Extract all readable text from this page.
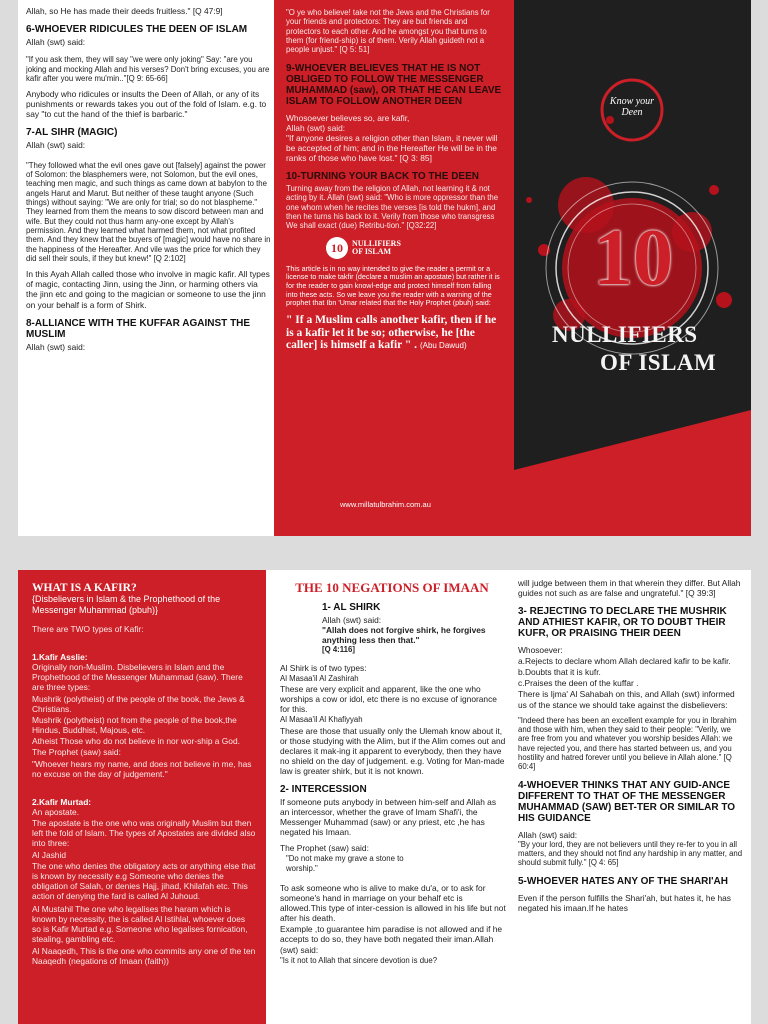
Allah, so He has made their deeds fruitless." [Q 47:9]
6-WHOEVER RIDICULES THE DEEN OF ISLAM
Allah (swt) said:
"If you ask them, they will say "we were only joking" Say: "are you joking and mocking Allah and his verses? Don't bring excuses, you are kafir after you were mu'min.."[Q 9: 65-66]
Anybody who ridicules or insults the Deen of Allah, or any of its punishments or rewards takes you out of the fold of Islam. e.g. to say "to cut the hand of the thief is barbaric."
7-AL SIHR (MAGIC)
Allah (swt) said:
"They followed what the evil ones gave out [falsely] against the power of Solomon: the blasphemers were, not Solomon, but the evil ones, teaching men magic, and such things as came down at babylon to the angels Harut and Marut. But neither of these taught anyone (Such things) without saying: "We are only for trial; so do not blaspheme." They learned from them the means to sow discord between man and wife. But they could not thus harm any-one except by Allah's permission. And they learned what harmed them, not what profited them. And they knew that the buyers of [magic] would have no share in the happiness of the Hereafter. And vile was the price for which they did sell their souls, if they but knew!" [Q 2:102]
In this Ayah Allah called those who involve in magic kafir. All types of magic, contacting Jinn, using the Jinn, or harming others via the jinn etc and going to the magician or someone to use the jinn on your behalf is a form of Shirk.
8-ALLIANCE WITH THE KUFFAR AGAINST THE MUSLIM
Allah (swt) said:
"O ye who believe! take not the Jews and the Christians for your friends and protectors: They are but friends and protectors to each other. And he amongst you that turns to them (for friend-ship) is of them. Verily Allah guideth not a people unjust." [Q 5: 51]
9-WHOEVER BELIEVES THAT HE IS NOT OBLIGED TO FOLLOW THE MESSENGER MUHAMMAD (saw), OR THAT HE CAN LEAVE ISLAM TO FOLLOW ANOTHER DEEN
Whosoever believes so, are kafir,
Allah (swt) said:
"If anyone desires a religion other than Islam, it never will be accepted of him; and in the Hereafter He will be in the ranks of those who have lost." [Q 3: 85]
10-TURNING YOUR BACK TO THE DEEN
Turning away from the religion of Allah, not learning it & not acting by it. Allah (swt) said: "Who is more oppressor than the one whom when he recites the verses [is told the hukm], and then he turns his back to it. Verily from those who transgress We shall exact (due) Retribu-tion." [Q32:22]
10	NULLIFIERS OF ISLAM
This article is in no way intended to give the reader a permit or a license to make takfir (declare a muslim an apostate) but rather it is for the reader to gain knowl-edge and protect himself from falling into these acts. So we leave you the reader with a warning of the prophet that Ibn 'Umar related that the Holy Prophet (pbuh) said:
" If a Muslim calls another kafir, then if he is a kafir let it be so; otherwise, he [the caller] is himself a kafir " . (Abu Dawud)
www.millatulbrahim.com.au
Know your Deen
10
NULLIFIERS
OF ISLAM
WHAT IS A KAFIR?
{Disbelievers in Islam & the Prophethood of the Messenger Muhammad (pbuh)}
There are TWO types of Kafir:

1.Kafir Asslie:
Originally non-Muslim. Disbelievers in Islam and the Prophethood of the Messenger Muhammad (saw). There are three types:

Mushrik (polytheist) of the people of the book, the Jews & Christians.
Mushrik (polytheist) not from the people of the book,the Hindus, Buddhist, Majous, etc.
Atheist Those who do not believe in nor wor-ship a God.
The Prophet (saw) said:
"Whoever hears my name, and does not believe in me, has no excuse on the day of judgement."

2.Kafir Murtad:
An apostate.

The apostate is the one who was originally Muslim but then left the fold of Islam. The types of Apostates are divided also into three:
Al Jashid
The one who denies the obligatory acts or anything else that is known by necessity e.g Someone who denies the obligation of Salah, or denies Hajj, jihad, Khilafah etc. This action of denying the fard is called Al Juhoud.
Al Mustahil The one who legalises the haram which is known by necessity, the is called Al Istihlal, whoever does so is Kafir Murtad e.g. Someone who legalises fornication, stealing, gambling etc.
Al Naaqedh, This is the one who commits any one of the ten Naaqedh (negations of Imaan (faith))
THE 10 NEGATIONS OF IMAAN
1- AL SHIRK
Allah (swt) said:
"Allah does not forgive shirk, he forgives anything less then that."
[Q 4:116]
Al Shirk is of two types:
Al Masaa'il Al Zashirah
These are very explicit and apparent, like the one who worships a cow or idol, etc there is no excuse of ignorance for this.
Al Masaa'il Al Khafiyyah
These are those that usually only the Ulemah know about it, or those studying with the Alim, but if the Alim comes out and declares it mak-ing it apparent to everybody, then they have no shield on the day of judgement. e.g. Voting for Man-made law is greater shirk, but it is not known.
2- INTERCESSION
If someone puts anybody in between him-self and Allah as an intercessor, whether the grave of Imam Shafi'i, the Messenger Muhammad (saw) or any priest, etc ,he has negated his Imaan.
The Prophet (saw) said:
"Do not make my grave a stone to worship."
To ask someone who is alive to make du'a, or to ask for someone's hand in marriage on your behalf etc is allowed.This type of inter-cession is allowed in his life but not after his death.
Example ,to guarantee him paradise is not allowed and if he accepts to do so, they have both negated their iman.Allah (swt) said:
"Is it not to Allah that sincere devotion is due?
will judge between them in that wherein they differ. But Allah guides not such as are false and ungrateful." [Q 39:3]
3- REJECTING TO DECLARE THE MUSHRIK AND ATHIEST KAFIR, OR TO DOUBT THEIR KUFR, OR PRAISING THEIR DEEN
Whosoever:
a.Rejects to declare whom Allah declared kafir to be kafir.
b.Doubts that it is kufr.
c.Praises the deen of the kuffar .
There is Ijma' Al Sahabah on this, and Allah (swt) informed us of the stance we should take against the disbelievers:
"Indeed there has been an excellent example for you in Ibrahim and those with him, when they said to their people: "Verily, we are free from you and whatever you worship besides Allah: we have rejected you, and there has started between us, and you hostility and hatred forever until you believe in Allah alone." [Q 60:4]
4-WHOEVER THINKS THAT ANY GUID-ANCE DIFFERENT TO THAT OF THE MESSENGER MUHAMMAD (SAW) BET-TER OR SIMILAR TO HIS GUIDANCE
Allah (swt) said:
"By your lord, they are not believers until they re-fer to you in all matters, and they should not find any hardship in any matter, and should submit fully." [Q 4: 65]
5-WHOEVER HATES ANY OF THE SHARI'AH
Even if the person fulfills the Shari'ah, but hates it, he has negated his imaan.If he hates
